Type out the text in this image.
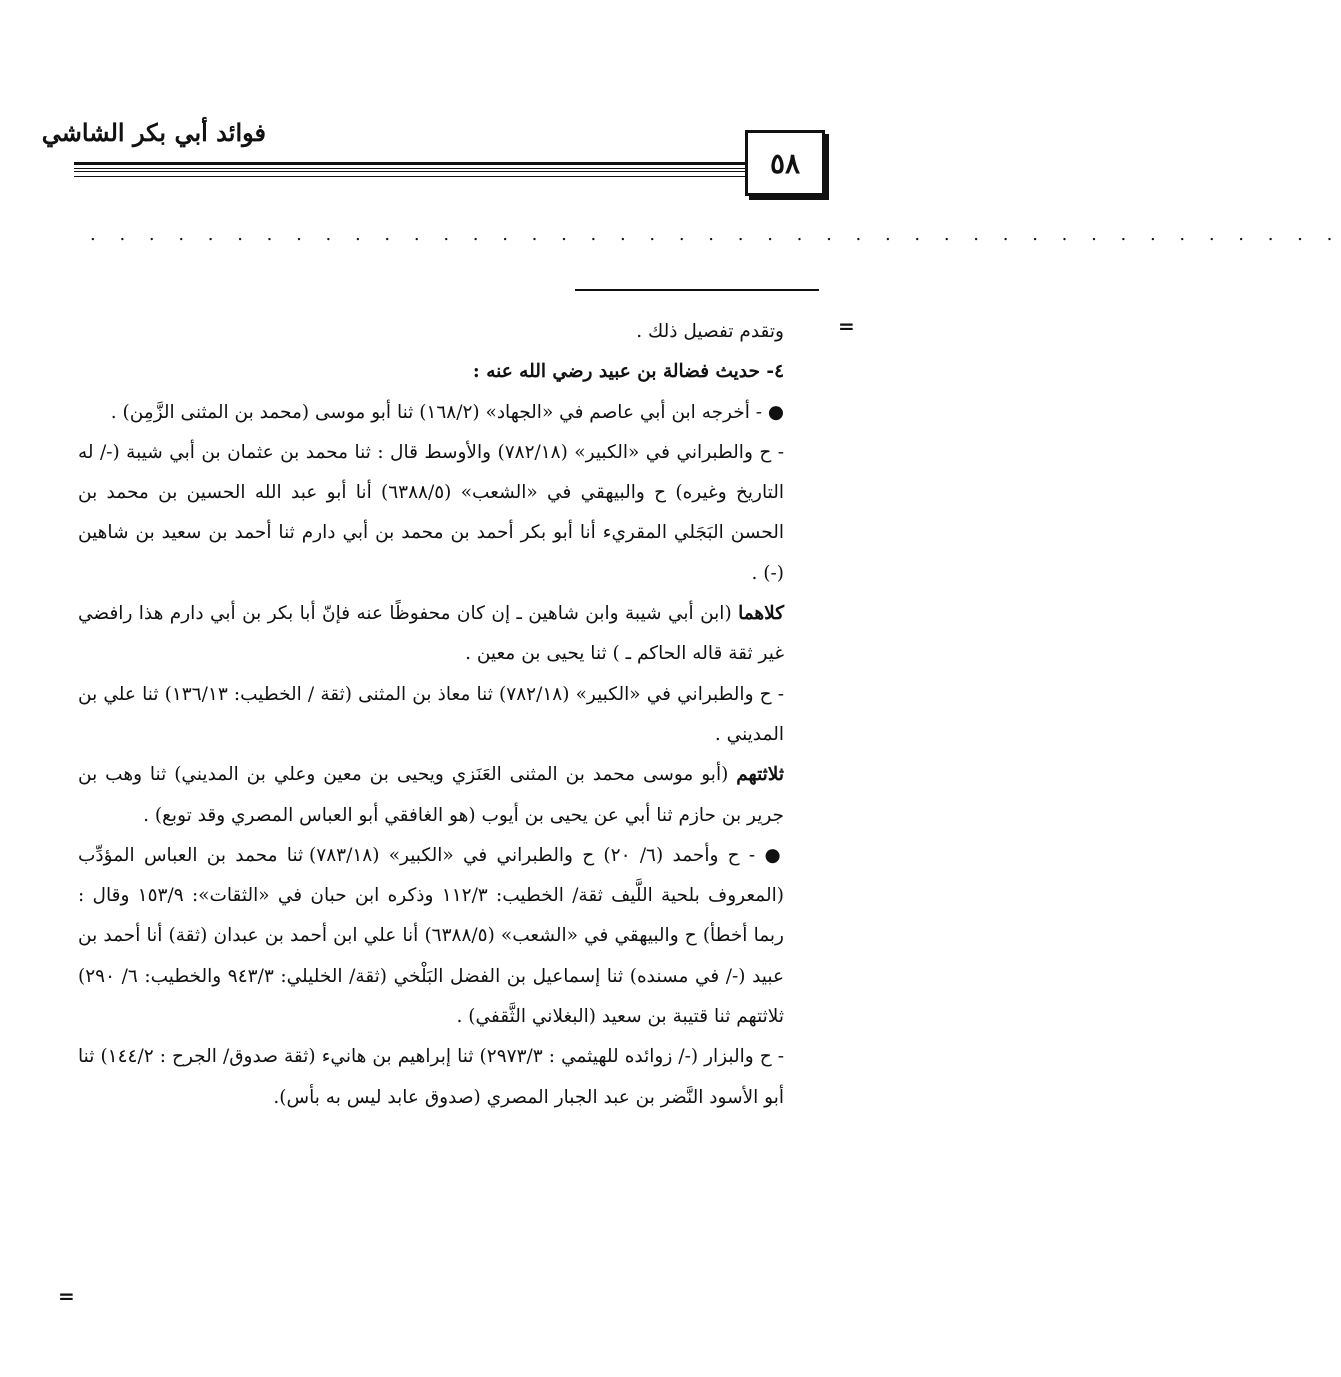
فوائد أبي بكر الشاشي
٥٨
. . . . . . . . . . . . . . . . . . . . . . . . . . . . . . . . . . . . . . . . . . .
=
=

وتقدم تفصيل ذلك .

٤- حديث فضالة بن عبيد رضي الله عنه :

● - أخرجه ابن أبي عاصم في «الجهاد» (١٦٨/٢) ثنا أبو موسى (محمد بن المثنى الزَّمِن) .

- ح والطبراني في «الكبير» (٧٨٢/١٨) والأوسط قال : ثنا محمد بن عثمان بن أبي شيبة (-/ له التاريخ وغيره) ح والبيهقي في «الشعب» (٦٣٨٨/٥) أنا أبو عبد الله الحسين بن محمد بن الحسن البَجَلي المقريء أنا أبو بكر أحمد بن محمد بن أبي دارم ثنا أحمد بن سعيد بن شاهين (-) .

كلاهما (ابن أبي شيبة وابن شاهين ـ إن كان محفوظًا عنه فإنّ أبا بكر بن أبي دارم هذا رافضي غير ثقة قاله الحاكم ـ ) ثنا يحيى بن معين .

- ح والطبراني في «الكبير» (٧٨٢/١٨) ثنا معاذ بن المثنى (ثقة / الخطيب: ١٣٦/١٣) ثنا علي بن المديني .

ثلاثتهم (أبو موسى محمد بن المثنى العَنَزي ويحيى بن معين وعلي بن المديني) ثنا وهب بن جرير بن حازم ثنا أبي عن يحيى بن أيوب (هو الغافقي أبو العباس المصري وقد توبع) .

● - ح وأحمد (٦/ ٢٠) ح والطبراني في «الكبير» (٧٨٣/١٨) ثنا محمد بن العباس المؤدِّب (المعروف بلحية اللَّيف ثقة/ الخطيب: ١١٢/٣ وذكره ابن حبان في «الثقات»: ١٥٣/٩ وقال : ربما أخطأ) ح والبيهقي في «الشعب» (٦٣٨٨/٥) أنا علي ابن أحمد بن عبدان (ثقة) أنا أحمد بن عبيد (-/ في مسنده) ثنا إسماعيل بن الفضل البَلْخي (ثقة/ الخليلي: ٩٤٣/٣ والخطيب: ٦/ ٢٩٠) ثلاثتهم ثنا قتيبة بن سعيد (البغلاني الثَّقفي) .

- ح والبزار (-/ زوائده للهيثمي : ٢٩٧٣/٣) ثنا إبراهيم بن هانيء (ثقة صدوق/ الجرح : ١٤٤/٢) ثنا أبو الأسود النَّضر بن عبد الجبار المصري (صدوق عابد ليس به بأس).
